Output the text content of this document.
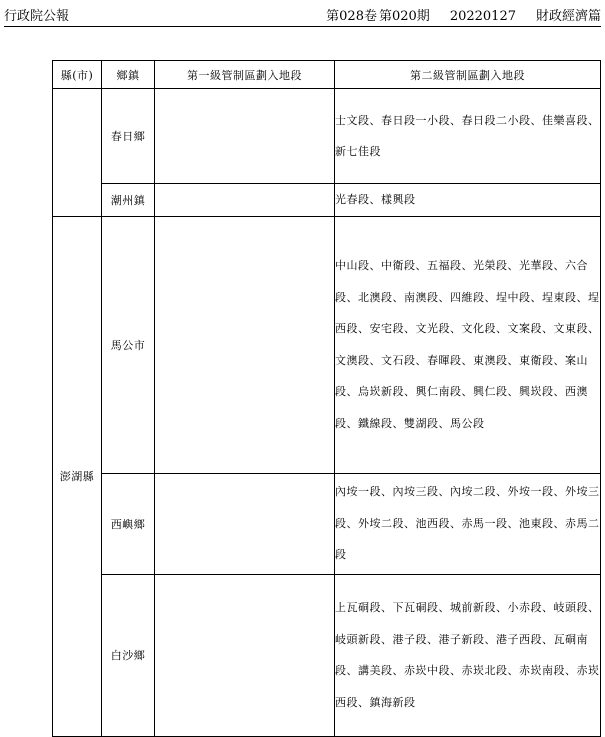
行政院公報	第028卷 第020期 20220127 財政經濟篇
縣(市)	鄉鎮	第一級管制區劃入地段	第二級管制區劃入地段
	春日鄉		士文段、春日段一小段、春日段二小段、佳樂喜段、新七佳段

	潮州鎮		光春段、樣興段

澎湖縣	馬公市		中山段、中衛段、五福段、光榮段、光華段、六合段、北澳段、南澳段、四維段、埕中段、埕東段、埕西段、安宅段、文光段、文化段、文案段、文東段、文澳段、文石段、春暉段、東澳段、東衛段、案山段、烏崁新段、興仁南段、興仁段、興崁段、西澳段、鐵線段、雙湖段、馬公段

	西嶼鄉		內垵一段、內垵三段、內垵二段、外垵一段、外垵三段、外垵二段、池西段、赤馬一段、池東段、赤馬二段

	白沙鄉		上瓦硐段、下瓦硐段、城前新段、小赤段、岐頭段、岐頭新段、港子段、港子新段、港子西段、瓦硐南段、講美段、赤崁中段、赤崁北段、赤崁南段、赤崁西段、鎮海新段
